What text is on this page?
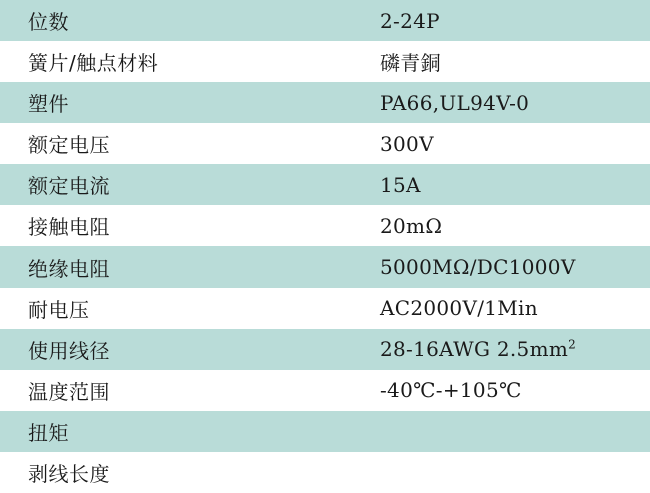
位数	2-24P
簧片/触点材料	磷青銅
塑件	PA66,UL94V-0
额定电压	300V
额定电流	15A
接触电阻	20mΩ
绝缘电阻	5000MΩ/DC1000V
耐电压	AC2000V/1Min
使用线径	28-16AWG $2.5mm^2$
温度范围	-40℃-+105℃
扭矩	
剥线长度	
